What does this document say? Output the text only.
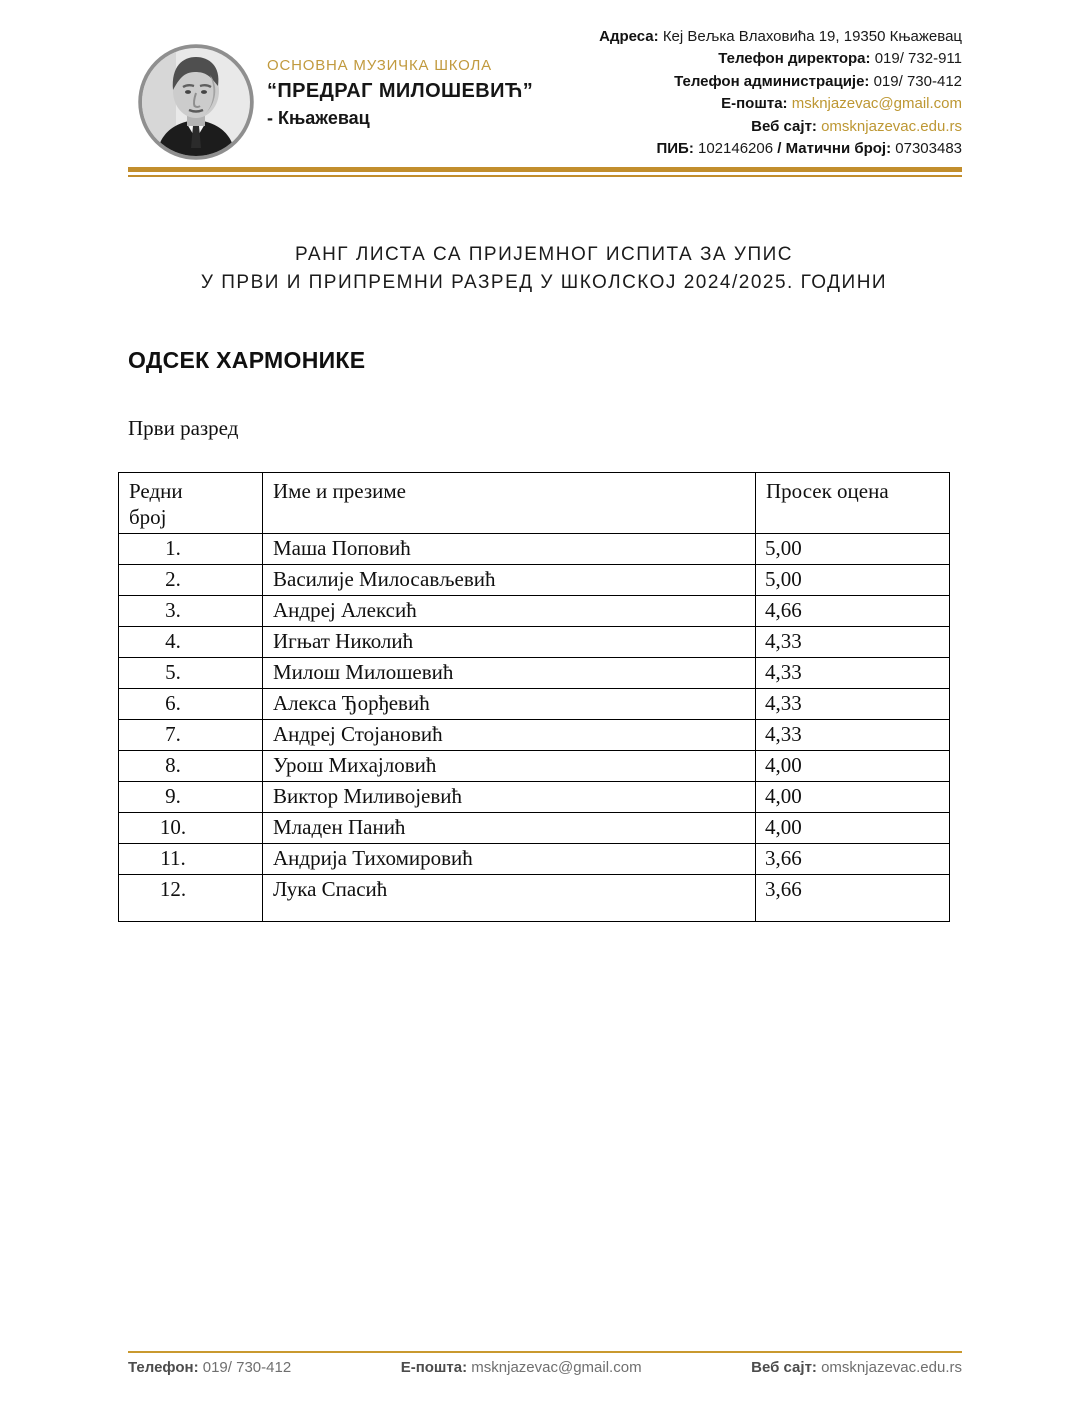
ОСНОВНА МУЗИЧКА ШКОЛА
“ПРЕДРАГ МИЛОШЕВИЋ”
- Књажевац
Адреса: Кеј Вељка Влаховића 19, 19350 Књажевац
Телефон директора: 019/ 732-911
Телефон администрације: 019/ 730-412
Е-пошта: msknjazevac@gmail.com
Веб сајт: omsknjazevac.edu.rs
ПИБ: 102146206 / Матични број: 07303483
РАНГ ЛИСТА СА ПРИЈЕМНОГ ИСПИТА ЗА УПИС
У ПРВИ И ПРИПРЕМНИ РАЗРЕД У ШКОЛСКОЈ 2024/2025. ГОДИНИ
ОДСЕК ХАРМОНИКЕ
Први разред
Редни број	Име и презиме	Просек оцена
1.	Маша Поповић	5,00
2.	Василије Милосављевић	5,00
3.	Андреј Алексић	4,66
4.	Игњат Николић	4,33
5.	Милош Милошевић	4,33
6.	Алекса Ђорђевић	4,33
7.	Андреј Стојановић	4,33
8.	Урош Михајловић	4,00
9.	Виктор Миливојевић	4,00
10.	Младен Панић	4,00
11.	Андрија Тихомировић	3,66
12.	Лука Спасић	3,66
Телефон: 019/ 730-412	Е-пошта: msknjazevac@gmail.com	Веб сајт: omsknjazevac.edu.rs
